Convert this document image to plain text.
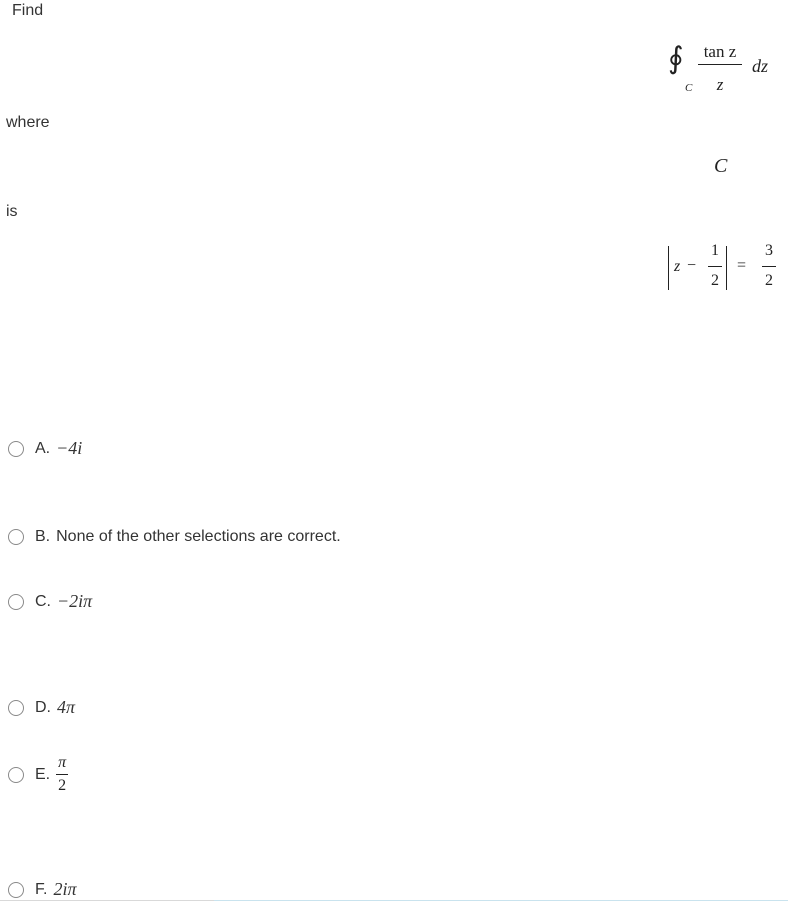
Find
∮
C
tan z
z
dz
where
C
is
z −
1
2
=
3
2
A. −4i
B. None of the other selections are correct.
C. −2iπ
D. 4π
E. $\frac{\pi}{2}$
F. 2iπ
